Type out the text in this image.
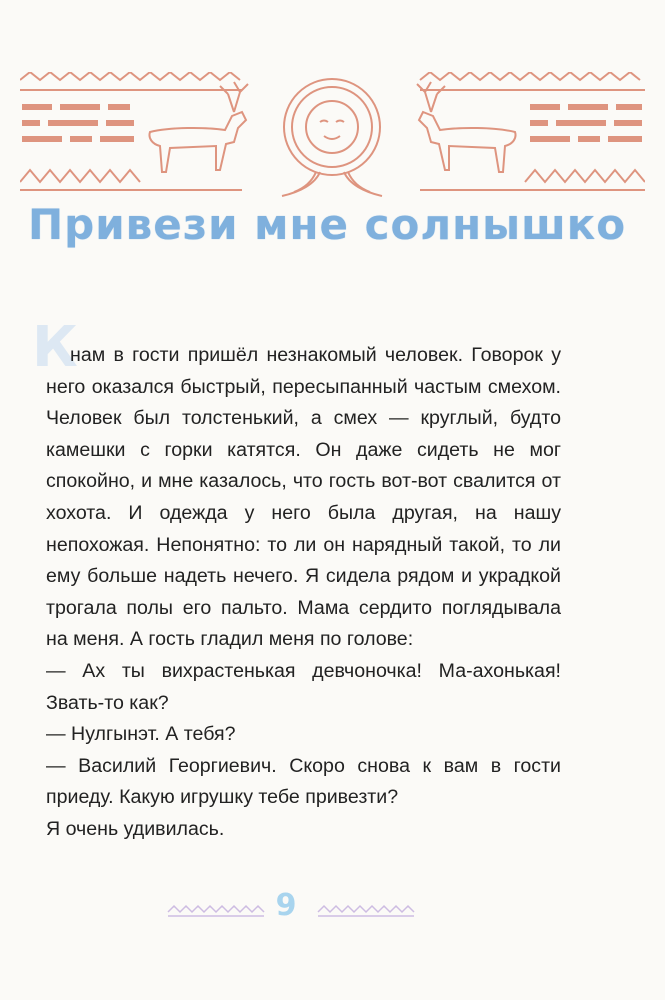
Привези мне солнышко
К

нам в гости пришёл незнакомый человек. Говорок у него оказался быстрый, пересыпанный частым смехом. Человек был толстенький, а смех — круглый, будто камешки с горки катятся. Он даже сидеть не мог спокойно, и мне казалось, что гость вот-вот свалится от хохота. И одежда у него была другая, на нашу непохожая. Непонятно: то ли он нарядный такой, то ли ему больше надеть нечего. Я сидела рядом и украдкой трогала полы его пальто. Мама сердито поглядывала на меня. А гость гладил меня по голове:

— Ах ты вихрастенькая девчоночка! Ма-ахонькая! Звать-то как?

— Нулгынэт. А тебя?

— Василий Георгиевич. Скоро снова к вам в гости приеду. Какую игрушку тебе привезти?

Я очень удивилась.

9
